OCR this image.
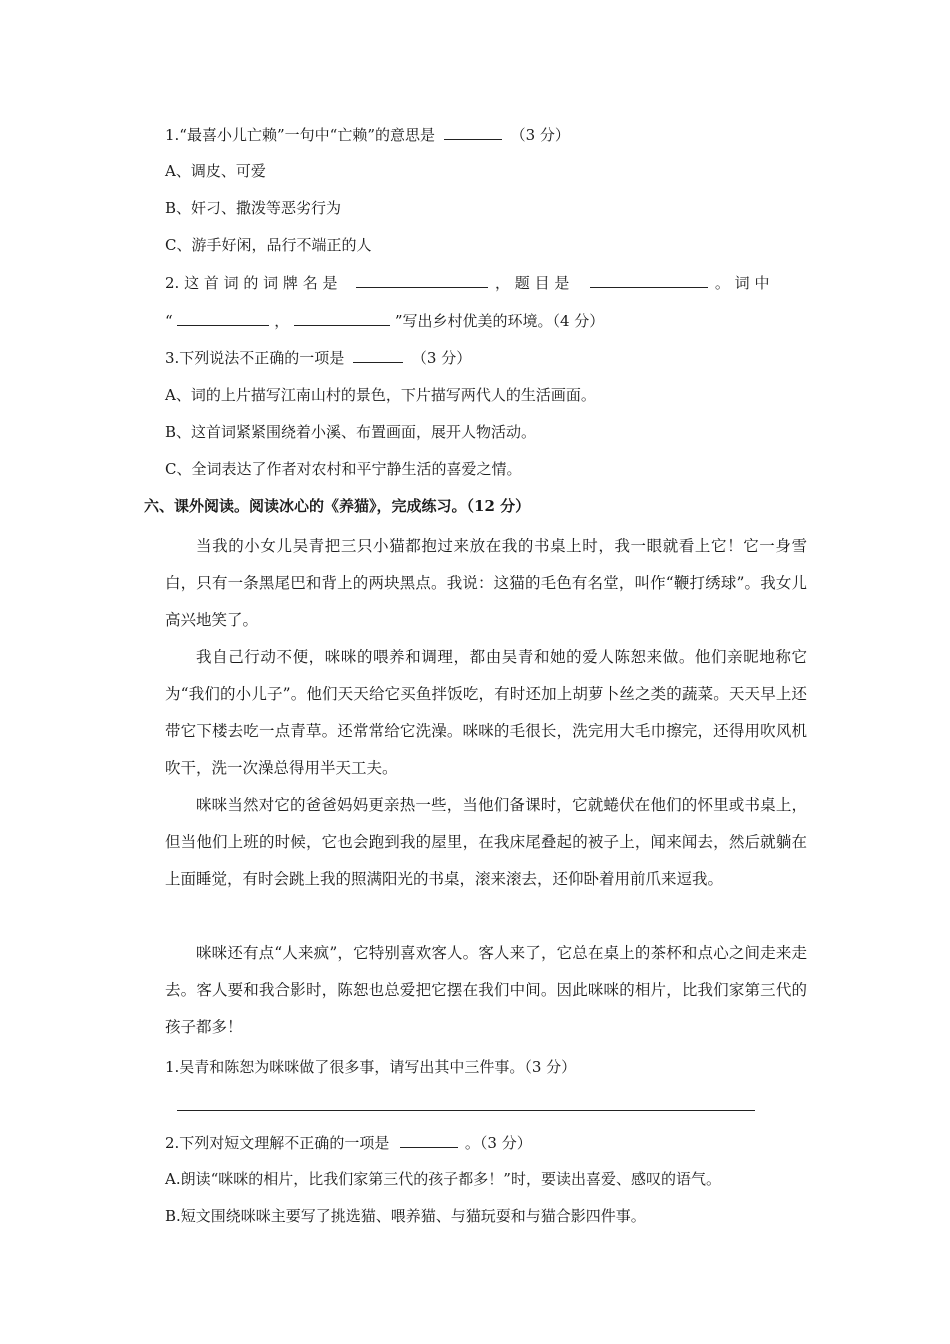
1.“最喜小儿亡赖”一句中“亡赖”的意思是	（3 分）
A、调皮、可爱
B、奸刁、撒泼等恶劣行为
C、游手好闲，品行不端正的人
2. 这 首 词 的 词 牌 名 是	， 题 目 是	。 词 中
“	，	”写出乡村优美的环境。（4 分）
3.下列说法不正确的一项是	（3 分）
A、词的上片描写江南山村的景色，下片描写两代人的生活画面。
B、这首词紧紧围绕着小溪、布置画面，展开人物活动。
C、全词表达了作者对农村和平宁静生活的喜爱之情。
六、课外阅读。阅读冰心的《养猫》，完成练习。（12 分）
当我的小女儿吴青把三只小猫都抱过来放在我的书桌上时，我一眼就看上它！它一身雪白，只有一条黑尾巴和背上的两块黑点。我说：这猫的毛色有名堂，叫作“鞭打绣球”。我女儿高兴地笑了。
我自己行动不便，咪咪的喂养和调理，都由吴青和她的爱人陈恕来做。他们亲昵地称它为“我们的小儿子”。他们天天给它买鱼拌饭吃，有时还加上胡萝卜丝之类的蔬菜。天天早上还带它下楼去吃一点青草。还常常给它洗澡。咪咪的毛很长，洗完用大毛巾擦完，还得用吹风机吹干，洗一次澡总得用半天工夫。
咪咪当然对它的爸爸妈妈更亲热一些，当他们备课时，它就蜷伏在他们的怀里或书桌上，但当他们上班的时候，它也会跑到我的屋里，在我床尾叠起的被子上，闻来闻去，然后就躺在上面睡觉，有时会跳上我的照满阳光的书桌，滚来滚去，还仰卧着用前爪来逗我。
咪咪还有点“人来疯”，它特别喜欢客人。客人来了，它总在桌上的茶杯和点心之间走来走去。客人要和我合影时，陈恕也总爱把它摆在我们中间。因此咪咪的相片，比我们家第三代的孩子都多！
1.吴青和陈恕为咪咪做了很多事，请写出其中三件事。（3 分）
2.下列对短文理解不正确的一项是	。（3 分）
A.朗读“咪咪的相片，比我们家第三代的孩子都多！”时，要读出喜爱、感叹的语气。
B.短文围绕咪咪主要写了挑选猫、喂养猫、与猫玩耍和与猫合影四件事。
